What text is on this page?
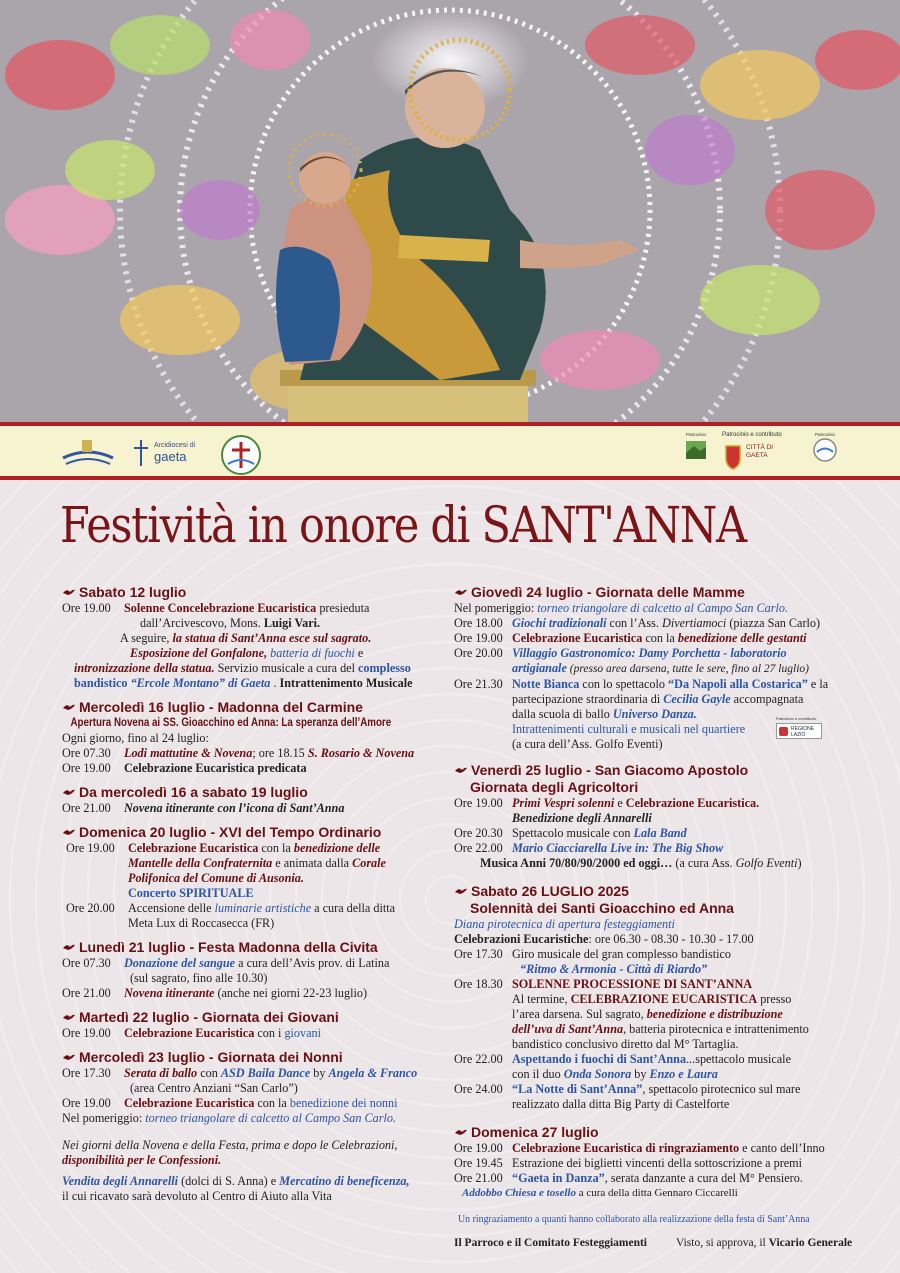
Arcidiocesi di
gaeta
Patrocinio	Patrocinio e contributo
CITTÀ DI GAETA
Patrocinio
Festività in onore di SANT'ANNA
Sabato 12 luglio
Ore 19.00	Solenne Concelebrazione Eucaristica presieduta
dall’Arcivescovo, Mons. Luigi Vari.
A seguire, la statua di Sant’Anna esce sul sagrato.
Esposizione del Gonfalone, batteria di fuochi e
intronizzazione della statua. Servizio musicale a cura del complesso
bandistico “Ercole Montano” di Gaeta . Intrattenimento Musicale
Mercoledì 16 luglio - Madonna del Carmine
Apertura Novena ai SS. Gioacchino ed Anna: La speranza dell’Amore
Ogni giorno, fino al 24 luglio:
Ore 07.30	Lodi mattutine & Novena; ore 18.15 S. Rosario & Novena
Ore 19.00	Celebrazione Eucaristica predicata
Da mercoledì 16 a sabato 19 luglio
Ore 21.00	Novena itinerante con l’icona di Sant’Anna
Domenica 20 luglio - XVI del Tempo Ordinario
Ore 19.00	Celebrazione Eucaristica con la benedizione delle
Mantelle della Confraternita e animata dalla Corale
Polifonica del Comune di Ausonia.
Concerto SPIRITUALE
Ore 20.00	Accensione delle luminarie artistiche a cura della ditta
Meta Lux di Roccasecca (FR)
Lunedì 21 luglio - Festa Madonna della Civita
Ore 07.30	Donazione del sangue a cura dell’Avis prov. di Latina
(sul sagrato, fino alle 10.30)
Ore 21.00	Novena itinerante (anche nei giorni 22-23 luglio)
Martedì 22 luglio - Giornata dei Giovani
Ore 19.00	Celebrazione Eucaristica con i giovani
Mercoledì 23 luglio - Giornata dei Nonni
Ore 17.30	Serata di ballo con ASD Baila Dance by Angela & Franco
(area Centro Anziani “San Carlo”)
Ore 19.00	Celebrazione Eucaristica con la benedizione dei nonni
Nel pomeriggio: torneo triangolare di calcetto al Campo San Carlo.
Nei giorni della Novena e della Festa, prima e dopo le Celebrazioni,
disponibilità per le Confessioni.
Vendita degli Annarelli (dolci di S. Anna) e Mercatino di beneficenza,
il cui ricavato sarà devoluto al Centro di Aiuto alla Vita
Giovedì 24 luglio - Giornata delle Mamme
Nel pomeriggio: torneo triangolare di calcetto al Campo San Carlo.
Ore 18.00 Giochi tradizionali con l’Ass. Divertiamoci (piazza San Carlo)
Ore 19.00 Celebrazione Eucaristica con la benedizione delle gestanti
Ore 20.00 Villaggio Gastronomico: Damy Porchetta - laboratorio
artigianale (presso area darsena, tutte le sere, fino al 27 luglio)
Ore 21.30 Notte Bianca con lo spettacolo “Da Napoli alla Costarica” e la
partecipazione straordinaria di Cecilia Gayle accompagnata
dalla scuola di ballo Universo Danza.
Intrattenimenti culturali e musicali nel quartiere
(a cura dell’Ass. Golfo Eventi)
Venerdì 25 luglio - San Giacomo Apostolo
Giornata degli Agricoltori
Ore 19.00 Primi Vespri solenni e Celebrazione Eucaristica.
Benedizione degli Annarelli
Ore 20.30 Spettacolo musicale con Lala Band
Ore 22.00 Mario Ciacciarella Live in: The Big Show
Musica Anni 70/80/90/2000 ed oggi… (a cura Ass. Golfo Eventi)
Sabato 26 LUGLIO 2025
Solennità dei Santi Gioacchino ed Anna
Diana pirotecnica di apertura festeggiamenti
Celebrazioni Eucaristiche: ore 06.30 - 08.30 - 10.30 - 17.00
Ore 17.30 Giro musicale del gran complesso bandistico
“Ritmo & Armonia - Città di Riardo”
Ore 18.30 SOLENNE PROCESSIONE DI SANT’ANNA
Al termine, CELEBRAZIONE EUCARISTICA presso
l’area darsena. Sul sagrato, benedizione e distribuzione
dell’uva di Sant’Anna, batteria pirotecnica e intrattenimento
bandistico conclusivo diretto dal M° Tartaglia.
Ore 22.00 Aspettando i fuochi di Sant’Anna...spettacolo musicale
con il duo Onda Sonora by Enzo e Laura
Ore 24.00 “La Notte di Sant’Anna”, spettacolo pirotecnico sul mare
realizzato dalla ditta Big Party di Castelforte
Domenica 27 luglio
Ore 19.00 Celebrazione Eucaristica di ringraziamento e canto dell’Inno
Ore 19.45 Estrazione dei biglietti vincenti della sottoscrizione a premi
Ore 21.00 “Gaeta in Danza”, serata danzante a cura del M° Pensiero.
Addobbo Chiesa e tosello a cura della ditta Gennaro Ciccarelli
Patrocinio e contributo
REGIONE LAZIO
Un ringraziamento a quanti hanno collaborato alla realizzazione della festa di Sant’Anna
Il Parroco e il Comitato Festeggiamenti	Visto, si approva, il Vicario Generale
